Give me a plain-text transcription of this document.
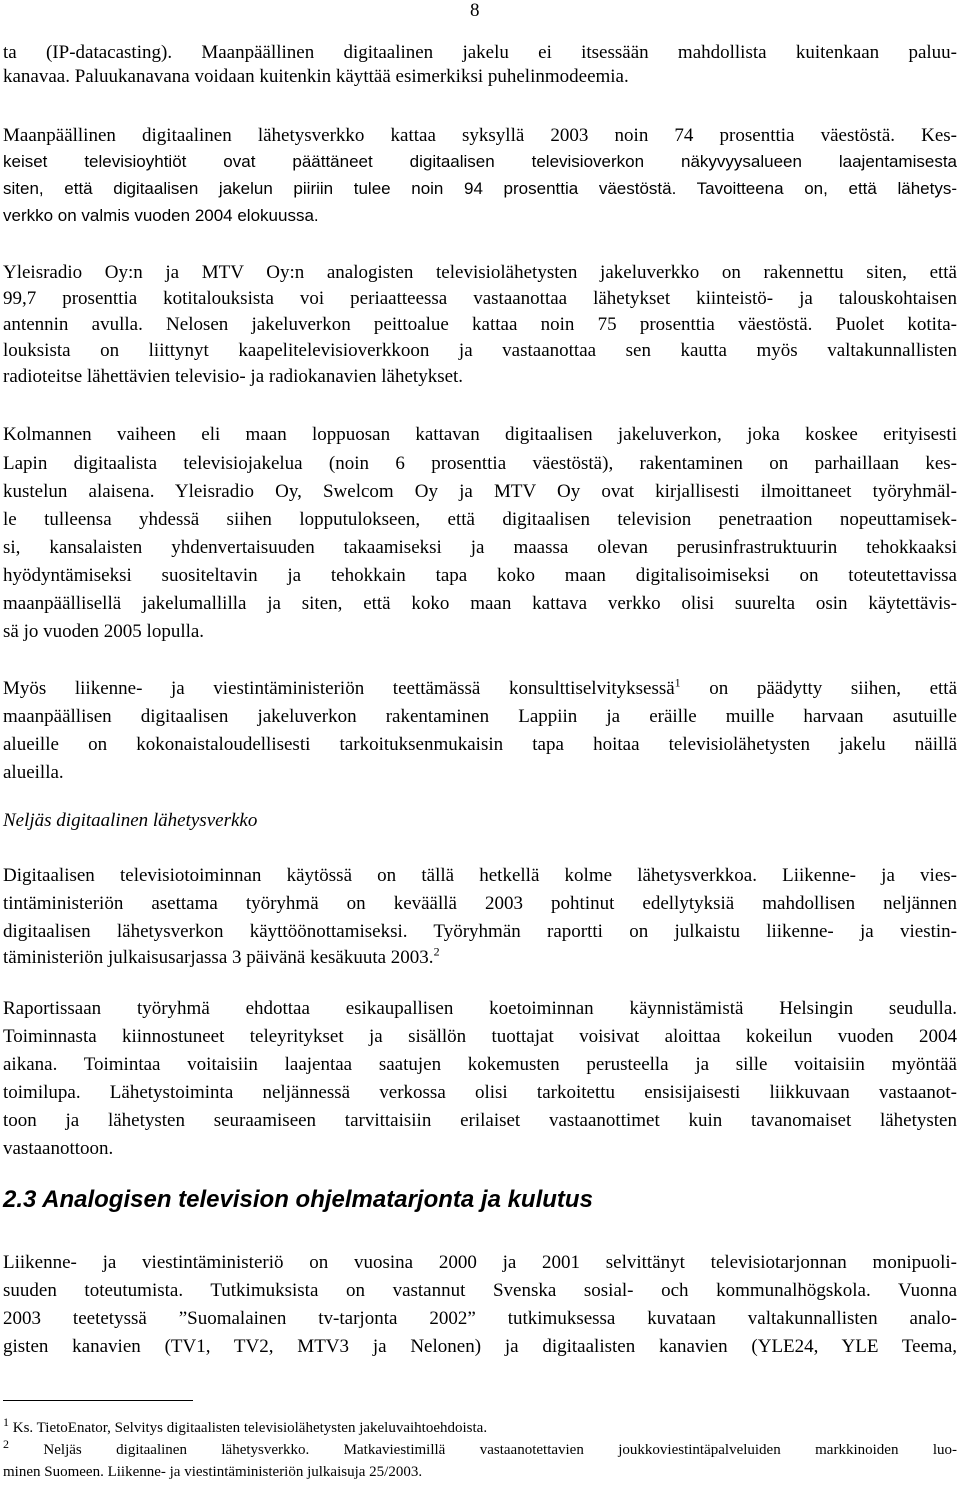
8
ta (IP-datacasting). Maanpäällinen digitaalinen jakelu ei itsessään mahdollista kuitenkaan paluu-
kanavaa. Paluukanavana voidaan kuitenkin käyttää esimerkiksi puhelinmodeemia.
Maanpäällinen digitaalinen lähetysverkko kattaa syksyllä 2003 noin 74 prosenttia väestöstä. Kes-
keiset televisioyhtiöt ovat päättäneet digitaalisen televisioverkon näkyvyysalueen laajentamisesta
siten, että digitaalisen jakelun piiriin tulee noin 94 prosenttia väestöstä. Tavoitteena on, että lähetys-
verkko on valmis vuoden 2004 elokuussa.
Yleisradio Oy:n ja MTV Oy:n analogisten televisiolähetysten jakeluverkko on rakennettu siten, että
99,7 prosenttia kotitalouksista voi periaatteessa vastaanottaa lähetykset kiinteistö- ja talouskohtaisen
antennin avulla. Nelosen jakeluverkon peittoalue kattaa noin 75 prosenttia väestöstä. Puolet kotita-
louksista on liittynyt kaapelitelevisioverkkoon ja vastaanottaa sen kautta myös valtakunnallisten
radioteitse lähettävien televisio- ja radiokanavien lähetykset.
Kolmannen vaiheen eli maan loppuosan kattavan digitaalisen jakeluverkon, joka koskee erityisesti
Lapin digitaalista televisiojakelua (noin 6 prosenttia väestöstä), rakentaminen on parhaillaan kes-
kustelun alaisena. Yleisradio Oy, Swelcom Oy ja MTV Oy ovat kirjallisesti ilmoittaneet työryhmäl-
le tulleensa yhdessä siihen lopputulokseen, että digitaalisen television penetraation nopeuttamisek-
si, kansalaisten yhdenvertaisuuden takaamiseksi ja maassa olevan perusinfrastruktuurin tehokkaaksi
hyödyntämiseksi suositeltavin ja tehokkain tapa koko maan digitalisoimiseksi on toteutettavissa
maanpäällisellä jakelumallilla ja siten, että koko maan kattava verkko olisi suurelta osin käytettävis-
sä jo vuoden 2005 lopulla.
Myös liikenne- ja viestintäministeriön teettämässä konsulttiselvityksessä$^1$ on päädytty siihen, että
maanpäällisen digitaalisen jakeluverkon rakentaminen Lappiin ja eräille muille harvaan asutuille
alueille on kokonaistaloudellisesti tarkoituksenmukaisin tapa hoitaa televisiolähetysten jakelu näillä
alueilla.
Neljäs digitaalinen lähetysverkko
Digitaalisen televisiotoiminnan käytössä on tällä hetkellä kolme lähetysverkkoa. Liikenne- ja vies-
tintäministeriön asettama työryhmä on keväällä 2003 pohtinut edellytyksiä mahdollisen neljännen
digitaalisen lähetysverkon käyttöönottamiseksi. Työryhmän raportti on julkaistu liikenne- ja viestin-
täministeriön julkaisusarjassa 3 päivänä kesäkuuta 2003.$^2$
Raportissaan työryhmä ehdottaa esikaupallisen koetoiminnan käynnistämistä Helsingin seudulla.
Toiminnasta kiinnostuneet teleyritykset ja sisällön tuottajat voisivat aloittaa kokeilun vuoden 2004
aikana. Toimintaa voitaisiin laajentaa saatujen kokemusten perusteella ja sille voitaisiin myöntää
toimilupa. Lähetystoiminta neljännessä verkossa olisi tarkoitettu ensisijaisesti liikkuvaan vastaanot-
toon ja lähetysten seuraamiseen tarvittaisiin erilaiset vastaanottimet kuin tavanomaiset lähetysten
vastaanottoon.
2.3 Analogisen television ohjelmatarjonta ja kulutus
Liikenne- ja viestintäministeriö on vuosina 2000 ja 2001 selvittänyt televisiotarjonnan monipuoli-
suuden toteutumista. Tutkimuksista on vastannut Svenska sosial- och kommunalhögskola. Vuonna
2003 teetetyssä ”Suomalainen tv-tarjonta 2002” tutkimuksessa kuvataan valtakunnallisten analo-
gisten kanavien (TV1, TV2, MTV3 ja Nelonen) ja digitaalisten kanavien (YLE24, YLE Teema,
$^1$ Ks. TietoEnator, Selvitys digitaalisten televisiolähetysten jakeluvaihtoehdoista.
$^2$ Neljäs digitaalinen lähetysverkko. Matkaviestimillä vastaanotettavien joukkoviestintäpalveluiden markkinoiden luo-
minen Suomeen. Liikenne- ja viestintäministeriön julkaisuja 25/2003.
